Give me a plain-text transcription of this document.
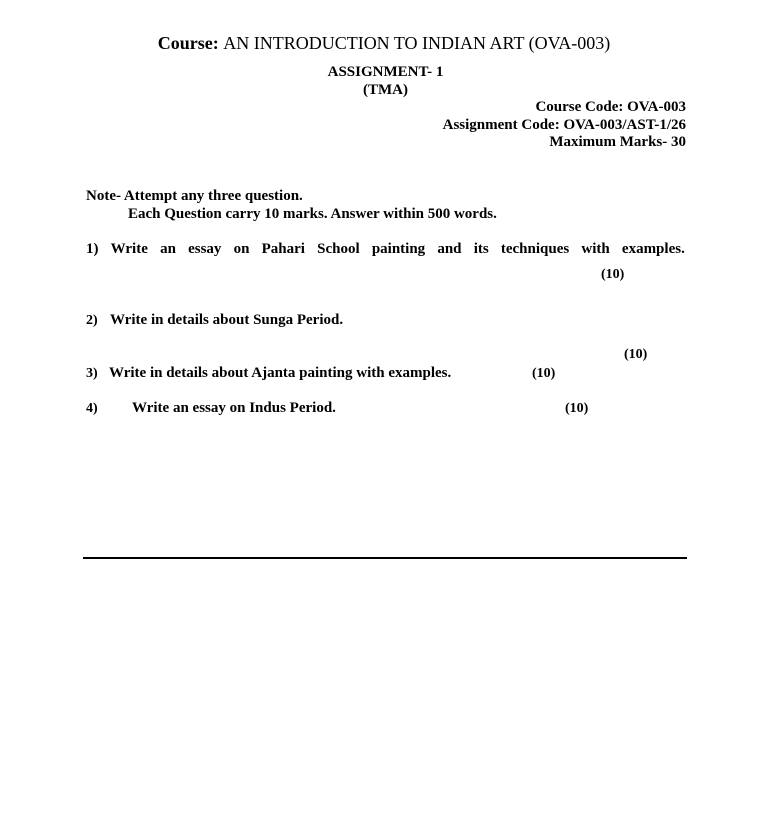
Course: AN INTRODUCTION TO INDIAN ART (OVA-003)
ASSIGNMENT- 1
(TMA)
Course Code: OVA-003
Assignment Code: OVA-003/AST-1/26
Maximum Marks- 30
Note- Attempt any three question.
Each Question carry 10 marks. Answer within 500 words.
1) Write an essay on Pahari School painting and its techniques with examples.
(10)
2) Write in details about Sunga Period.
(10)
3) Write in details about Ajanta painting with examples.	(10)
4) Write an essay on Indus Period.	(10)
